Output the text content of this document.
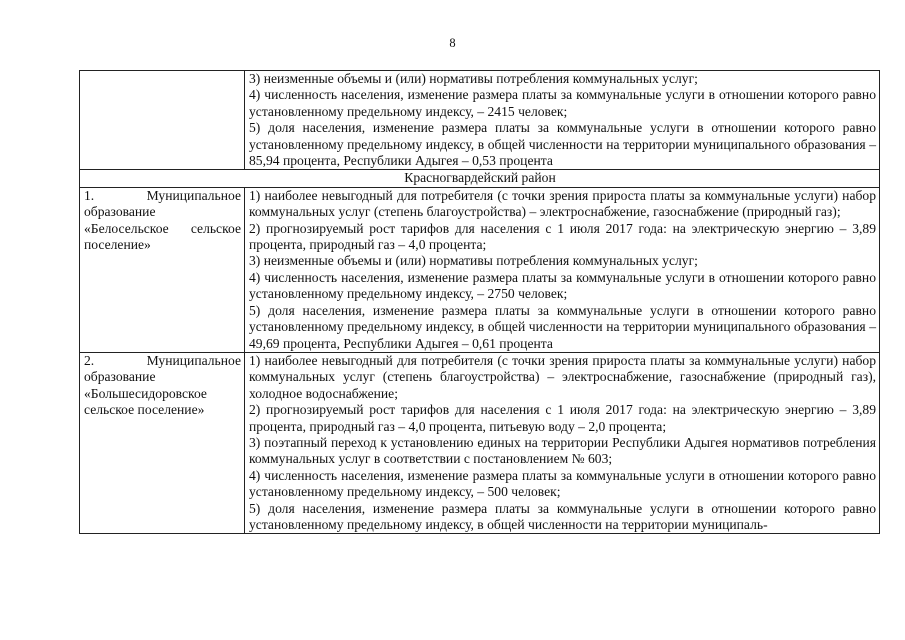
8

	3) неизменные объемы и (или) нормативы потребления коммунальных услуг;
4) численность населения, изменение размера платы за коммунальные услуги в отношении которого равно установленному предельному индексу, – 2415 человек;
5) доля населения, изменение размера платы за коммунальные услуги в отношении которого равно установленному предельному индексу, в общей численности на территории муниципального образования – 85,94 процента, Республики Адыгея – 0,53 процента

Красногвардейский район	
1. Муниципальное образование «Белосельское сельское поселение»	1) наиболее невыгодный для потребителя (с точки зрения прироста платы за коммунальные услуги) набор коммунальных услуг (степень благоустройства) – электроснабжение, газоснабжение (природный газ);
2) прогнозируемый рост тарифов для населения с 1 июля 2017 года: на электрическую энергию – 3,89 процента, природный газ – 4,0 процента;
3) неизменные объемы и (или) нормативы потребления коммунальных услуг;
4) численность населения, изменение размера платы за коммунальные услуги в отношении которого равно установленному предельному индексу, – 2750 человек;
5) доля населения, изменение размера платы за коммунальные услуги в отношении которого равно установленному предельному индексу, в общей численности на территории муниципального образования – 49,69 процента, Республики Адыгея – 0,61 процента

2. Муниципальное образование «Большесидоровское сельское поселение»	1) наиболее невыгодный для потребителя (с точки зрения прироста платы за коммунальные услуги) набор коммунальных услуг (степень благоустройства) – электроснабжение, газоснабжение (природный газ), холодное водоснабжение;
2) прогнозируемый рост тарифов для населения с 1 июля 2017 года: на электрическую энергию – 3,89 процента, природный газ – 4,0 процента, питьевую воду – 2,0 процента;
3) поэтапный переход к установлению единых на территории Республики Адыгея нормативов потребления коммунальных услуг в соответствии с постановлением № 603;
4) численность населения, изменение размера платы за коммунальные услуги в отношении которого равно установленному предельному индексу, – 500 человек;
5) доля населения, изменение размера платы за коммунальные услуги в отношении которого равно установленному предельному индексу, в общей численности на территории муниципаль-
